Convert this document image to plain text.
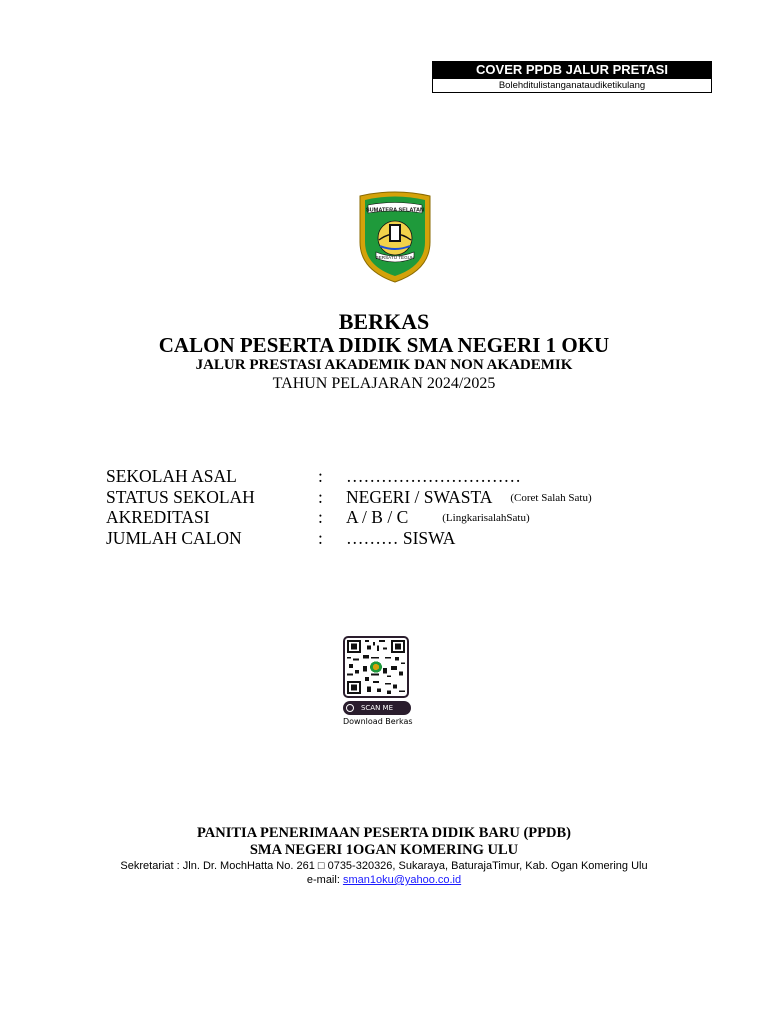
COVER PPDB JALUR PRETASI
Bolehditulistanganataudiketikulang
SUMATERA SELATAN
BERSATU TEGUH
BERKAS
CALON PESERTA DIDIK SMA NEGERI 1 OKU
JALUR PRESTASI AKADEMIK DAN NON AKADEMIK
TAHUN PELAJARAN 2024/2025
SEKOLAH ASAL	: …………………………
STATUS SEKOLAH	: NEGERI / SWASTA (Coret Salah Satu)
AKREDITASI	: A / B / C	(LingkarisalahSatu)
JUMLAH CALON	: ……… SISWA
SCAN ME
Download Berkas
PANITIA PENERIMAAN PESERTA DIDIK BARU (PPDB)
SMA NEGERI 1OGAN KOMERING ULU
Sekretariat : Jln. Dr. MochHatta No. 261 □ 0735-320326, Sukaraya, BaturajaTimur, Kab. Ogan Komering Ulu
e-mail: sman1oku@yahoo.co.id
